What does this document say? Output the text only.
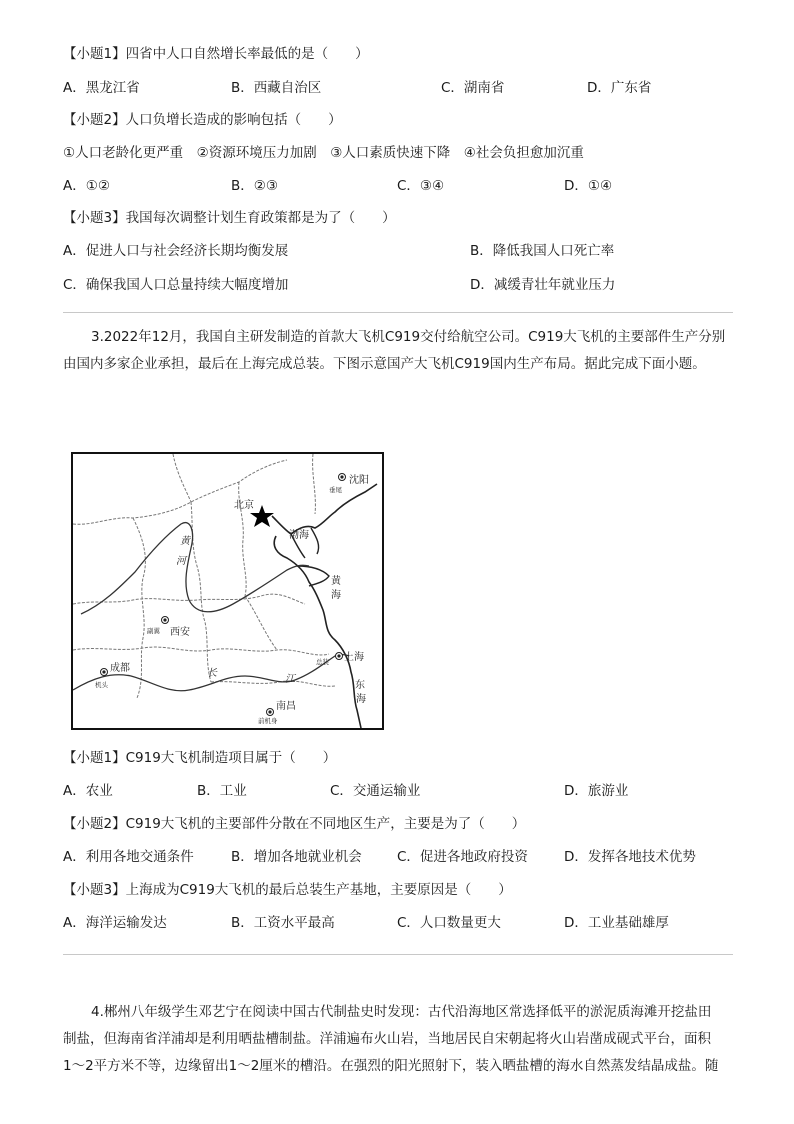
【小题1】四省中人口自然增长率最低的是（　　）
A．黑龙江省	B．西藏自治区	C．湖南省	D．广东省
【小题2】人口负增长造成的影响包括（　　）
①人口老龄化更严重　②资源环境压力加剧　③人口素质快速下降　④社会负担愈加沉重
A．①②	B．②③	C．③④	D．①④
【小题3】我国每次调整计划生育政策都是为了（　　）
A．促进人口与社会经济长期均衡发展	B．降低我国人口死亡率
C．确保我国人口总量持续大幅度增加	D．减缓青壮年就业压力
3.2022年12月，我国自主研发制造的首款大飞机C919交付给航空公司。C919大飞机的主要部件生产分别
由国内多家企业承担，最后在上海完成总装。下图示意国产大飞机C919国内生产布局。据此完成下面小题。
北京
沈阳
垂尾
渤海
黄
海
黄
河
西安
副翼
上海
总装
成都
机头
长
江
东
海
南昌
前机身
【小题1】C919大飞机制造项目属于（　　）
A．农业	B．工业	C．交通运输业	D．旅游业
【小题2】C919大飞机的主要部件分散在不同地区生产，主要是为了（　　）
A．利用各地交通条件	B．增加各地就业机会	C．促进各地政府投资	D．发挥各地技术优势
【小题3】上海成为C919大飞机的最后总装生产基地，主要原因是（　　）
A．海洋运输发达	B．工资水平最高	C．人口数量更大	D．工业基础雄厚
4.郴州八年级学生邓艺宁在阅读中国古代制盐史时发现：古代沿海地区常选择低平的淤泥质海滩开挖盐田
制盐，但海南省洋浦却是利用晒盐槽制盐。洋浦遍布火山岩，当地居民自宋朝起将火山岩凿成砚式平台，面积
1～2平方米不等，边缘留出1～2厘米的槽沿。在强烈的阳光照射下，装入晒盐槽的海水自然蒸发结晶成盐。随
